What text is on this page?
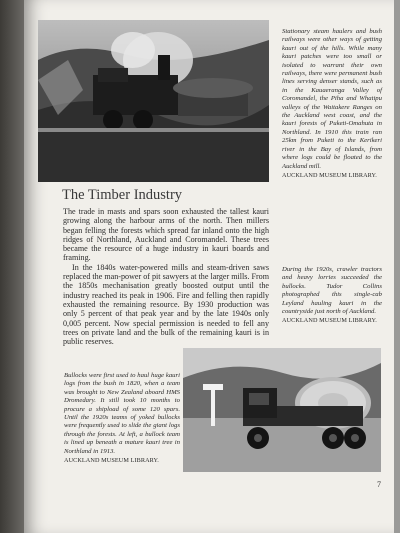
Stationary steam haulers and bush railways were other ways of getting kauri out of the hills. While many kauri patches were too small or isolated to warrant their own railways, there were permanent bush lines serving denser stands, such as in the Kauaeranga Valley of Coromandel, the Piha and Whatipu valleys of the Waitakere Ranges on the Auckland west coast, and the kauri forests of Puketi-Omahuta in Northland. In 1910 this train ran 25km from Puketi to the Kerikeri river in the Bay of Islands, from where logs could be floated to the Auckland mill.
AUCKLAND MUSEUM LIBRARY.

The Timber Industry

The trade in masts and spars soon exhausted the tallest kauri growing along the harbour arms of the north. Then millers began felling the forests which spread far inland onto the high ridges of Northland, Auckland and Coromandel. These trees became the resource of a huge industry in kauri boards and framing.

In the 1840s water-powered mills and steam-driven saws replaced the man-power of pit sawyers at the larger mills. From the 1850s mechanisation greatly boosted output until the industry reached its peak in 1906. Fire and felling then rapidly exhausted the remaining resource. By 1930 production was only 5 percent of that peak year and by the late 1940s only 0,005 percent. Now special permission is needed to fell any trees on private land and the bulk of the remaining kauri is in public reserves.

During the 1920s, crawler tractors and heavy lorries succeeded the bullocks. Tudor Collins photographed this single-cab Leyland hauling kauri in the countryside just north of Auckland.
AUCKLAND MUSEUM LIBRARY.

Bullocks were first used to haul huge kauri logs from the bush in 1820, when a team was brought to New Zealand aboard HMS Dromedary. It still took 10 months to procure a shipload of some 120 spars. Until the 1920s teams of yoked bullocks were frequently used to slide the giant logs through the forests. At left, a bullock team is lined up beneath a mature kauri tree in Northland in 1913.
AUCKLAND MUSEUM LIBRARY.

7
